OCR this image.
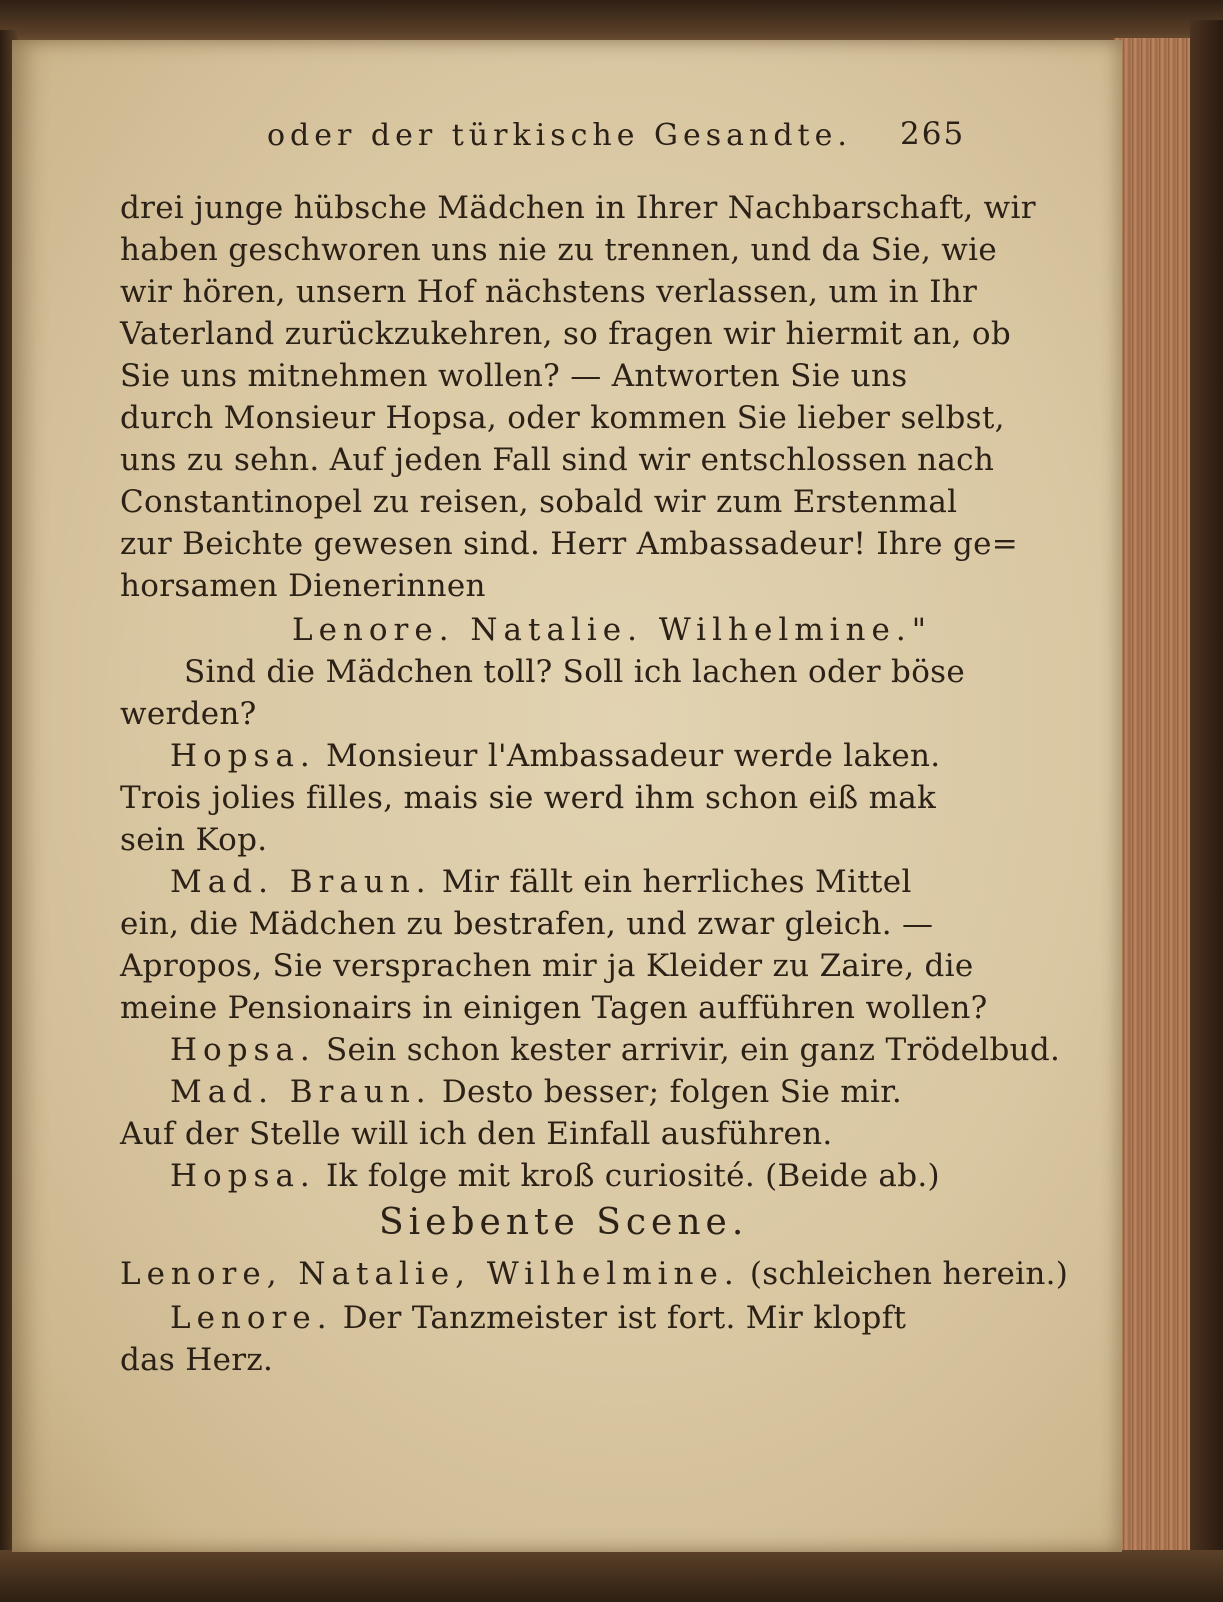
oder der türkische Gesandte. 265
drei junge hübsche Mädchen in Ihrer Nachbarschaft, wir
haben geschworen uns nie zu trennen, und da Sie, wie
wir hören, unsern Hof nächstens verlassen, um in Ihr
Vaterland zurückzukehren, so fragen wir hiermit an, ob
Sie uns mitnehmen wollen? — Antworten Sie uns
durch Monsieur Hopsa, oder kommen Sie lieber selbst,
uns zu sehn. Auf jeden Fall sind wir entschlossen nach
Constantinopel zu reisen, sobald wir zum Erstenmal
zur Beichte gewesen sind. Herr Ambassadeur! Ihre ge=
horsamen Dienerinnen
Lenore. Natalie. Wilhelmine."
Sind die Mädchen toll? Soll ich lachen oder böse
werden?
Hopsa. Monsieur l'Ambassadeur werde laken.
Trois jolies filles, mais sie werd ihm schon eiß mak
sein Kop.
Mad. Braun. Mir fällt ein herrliches Mittel
ein, die Mädchen zu bestrafen, und zwar gleich. —
Apropos, Sie versprachen mir ja Kleider zu Zaire, die
meine Pensionairs in einigen Tagen aufführen wollen?
Hopsa. Sein schon kester arrivir, ein ganz Trödelbud.
Mad. Braun. Desto besser; folgen Sie mir.
Auf der Stelle will ich den Einfall ausführen.
Hopsa. Ik folge mit kroß curiosité. (Beide ab.)
Siebente Scene.
Lenore, Natalie, Wilhelmine. (schleichen herein.)
Lenore. Der Tanzmeister ist fort. Mir klopft
das Herz.
